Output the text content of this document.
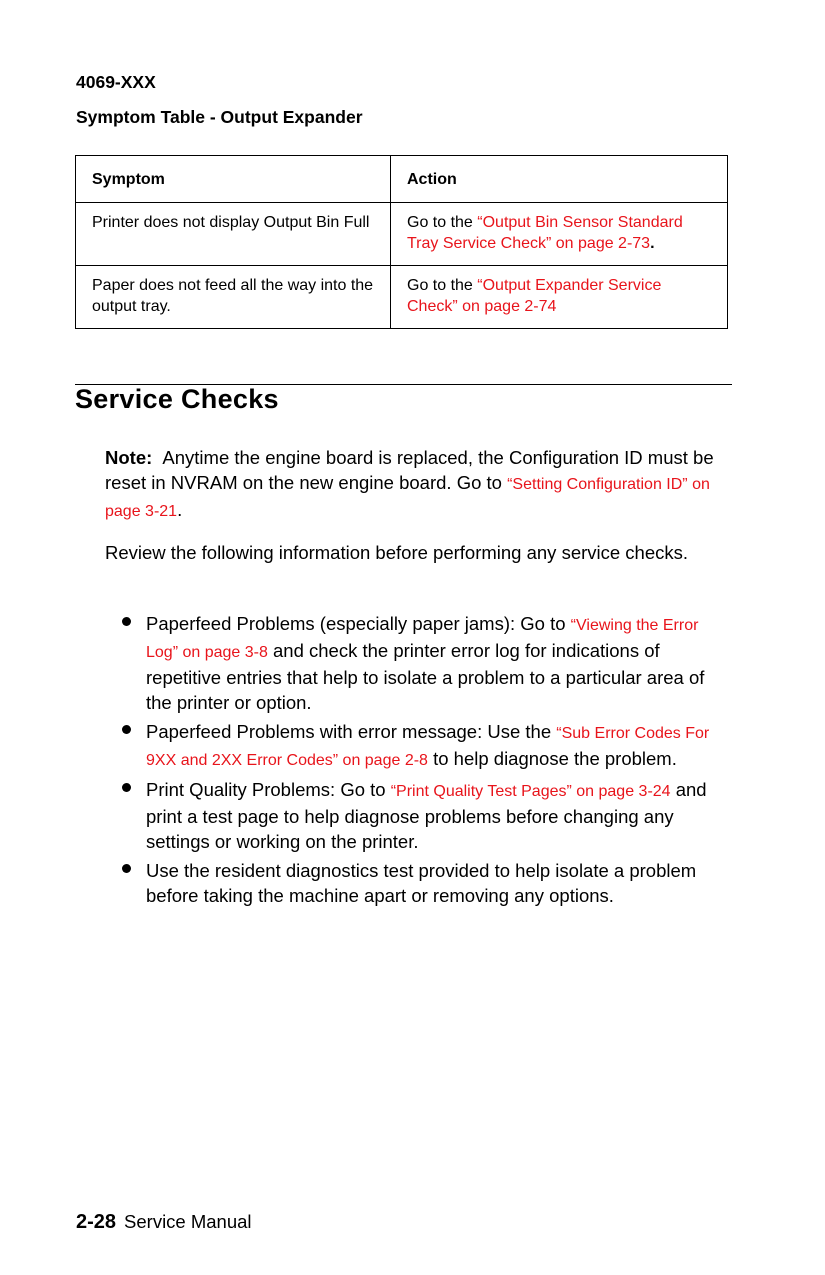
4069-XXX
Symptom Table - Output Expander
Symptom	Action
Printer does not display Output Bin Full	Go to the “Output Bin Sensor Standard Tray Service Check” on page 2-73.
Paper does not feed all the way into the output tray.	Go to the “Output Expander Service Check” on page 2-74
Service Checks
Note: Anytime the engine board is replaced, the Configuration ID must be reset in NVRAM on the new engine board. Go to “Setting Configuration ID” on page 3-21.
Review the following information before performing any service checks.
Paperfeed Problems (especially paper jams): Go to “Viewing the Error Log” on page 3-8 and check the printer error log for indications of repetitive entries that help to isolate a problem to a particular area of the printer or option.
Paperfeed Problems with error message: Use the “Sub Error Codes For 9XX and 2XX Error Codes” on page 2-8 to help diagnose the problem.
Print Quality Problems: Go to “Print Quality Test Pages” on page 3-24 and print a test page to help diagnose problems before changing any settings or working on the printer.
Use the resident diagnostics test provided to help isolate a problem before taking the machine apart or removing any options.
2-28 Service Manual
